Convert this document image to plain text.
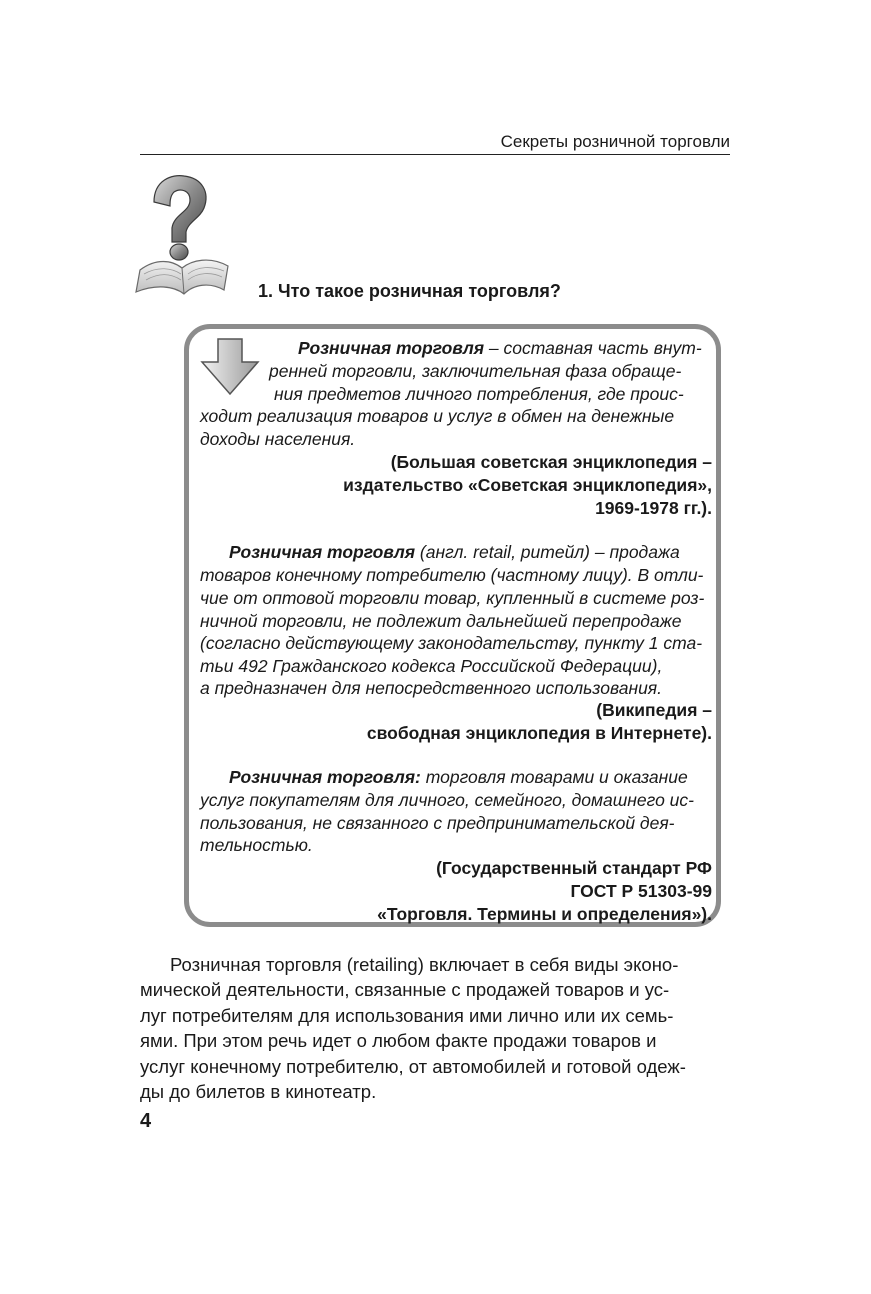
Секреты розничной торговли
1. Что такое розничная торговля?
Розничная торговля – составная часть внут-
ренней торговли, заключительная фаза обраще-
ния предметов личного потребления, где проис-
ходит реализация товаров и услуг в обмен на денежные
доходы населения.
(Большая советская энциклопедия –
издательство «Советская энциклопедия»,
1969-1978 гг.).
Розничная торговля (англ. retail, ритейл) – продажа
товаров конечному потребителю (частному лицу). В отли-
чие от оптовой торговли товар, купленный в системе роз-
ничной торговли, не подлежит дальнейшей перепродаже
(согласно действующему законодательству, пункту 1 ста-
тьи 492 Гражданского кодекса Российской Федерации),
а предназначен для непосредственного использования.
(Википедия –
свободная энциклопедия в Интернете).
Розничная торговля: торговля товарами и оказание
услуг покупателям для личного, семейного, домашнего ис-
пользования, не связанного с предпринимательской дея-
тельностью.
(Государственный стандарт РФ
ГОСТ Р 51303-99
«Торговля. Термины и определения»).
Розничная торговля (retailing) включает в себя виды эконо-
мической деятельности, связанные с продажей товаров и ус-
луг потребителям для использования ими лично или их семь-
ями. При этом речь идет о любом факте продажи товаров и
услуг конечному потребителю, от автомобилей и готовой одеж-
ды до билетов в кинотеатр.
4
